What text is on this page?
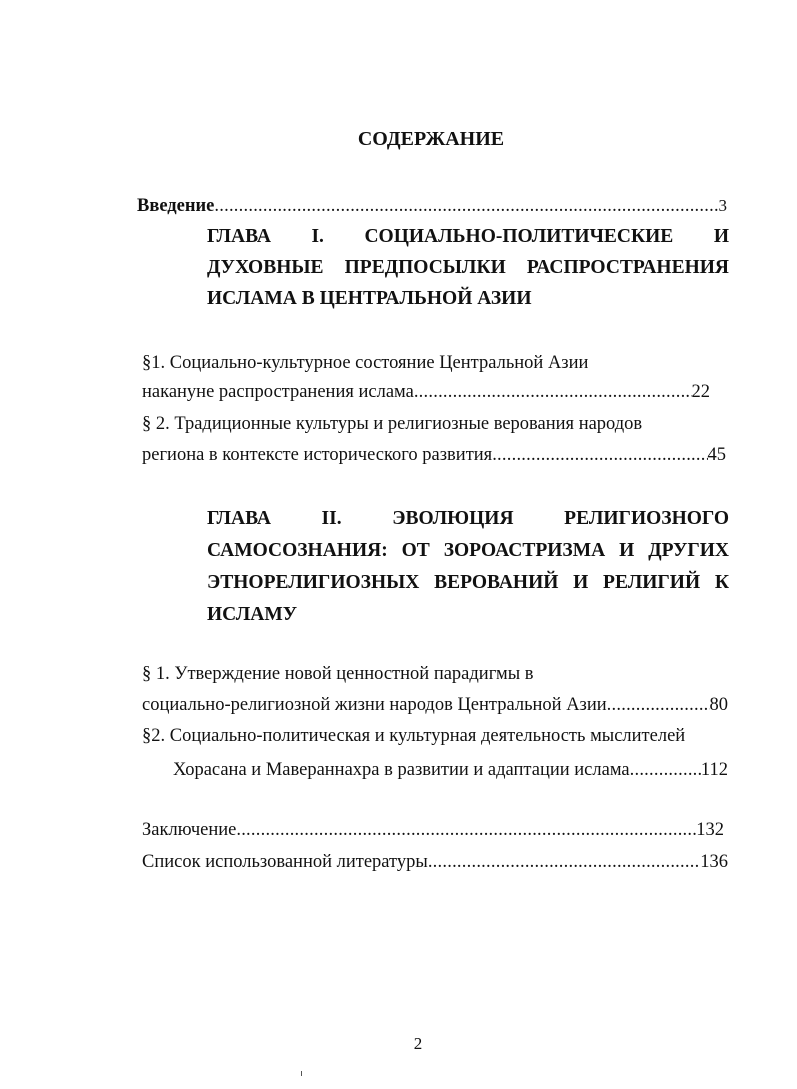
СОДЕРЖАНИЕ
Введение . . .	3
ГЛАВА I. СОЦИАЛЬНО-ПОЛИТИЧЕСКИЕ И
ДУХОВНЫЕ ПРЕДПОСЫЛКИ РАСПРОСТРАНЕНИЯ
ИСЛАМА В ЦЕНТРАЛЬНОЙ АЗИИ
§1. Социально-культурное состояние Центральной Азии
накануне распространения ислама . . .	22
§ 2. Традиционные культуры и религиозные верования народов
региона в контексте исторического развития . . .	45
ГЛАВА II. ЭВОЛЮЦИЯ РЕЛИГИОЗНОГО
САМОСОЗНАНИЯ: ОТ ЗОРОАСТРИЗМА И ДРУГИХ
ЭТНОРЕЛИГИОЗНЫХ ВЕРОВАНИЙ И РЕЛИГИЙ К
ИСЛАМУ
§ 1. Утверждение новой ценностной парадигмы в
социально-религиозной жизни народов Центральной Азии . . .	80
§2. Социально-политическая и культурная деятельность мыслителей
Хорасана и Мавераннахра в развитии и адаптации ислама . . .	112
Заключение . . .	132
Список использованной литературы . . .	136
2
